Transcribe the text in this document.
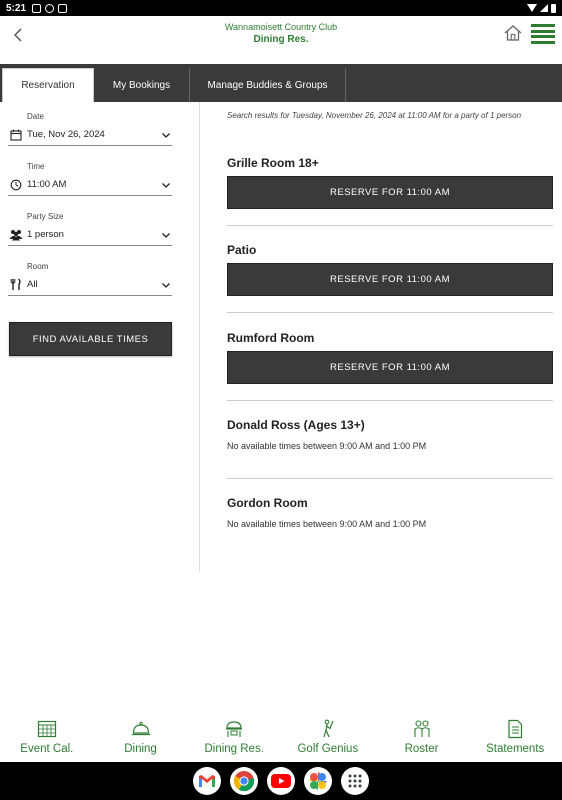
5:21
Wannamoisett Country Club
Dining Res.
Reservation	My Bookings	Manage Buddies & Groups
Date
Tue, Nov 26, 2024
Time
11:00 AM
Party Size
1 person
Room
All
FIND AVAILABLE TIMES
Search results for Tuesday, November 26, 2024 at 11:00 AM for a party of 1 person
Grille Room 18+
RESERVE FOR 11:00 AM
Patio
RESERVE FOR 11:00 AM
Rumford Room
RESERVE FOR 11:00 AM
Donald Ross (Ages 13+)
No available times between 9:00 AM and 1:00 PM
Gordon Room
No available times between 9:00 AM and 1:00 PM
Event Cal.	Dining	Dining Res.	Golf Genius	Roster	Statements
